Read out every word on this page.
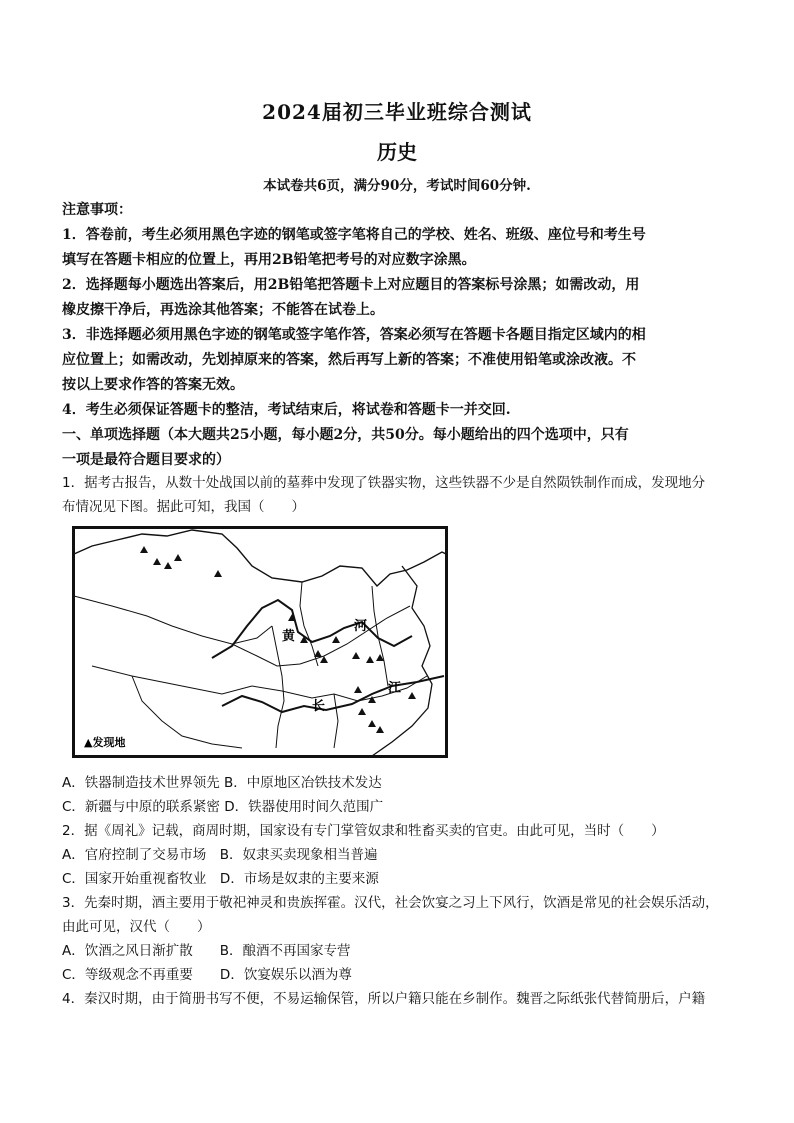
2024届初三毕业班综合测试
历史
本试卷共6页，满分90分，考试时间60分钟.
注意事项：
1．答卷前，考生必须用黑色字迹的钢笔或签字笔将自己的学校、姓名、班级、座位号和考生号
填写在答题卡相应的位置上，再用2B铅笔把考号的对应数字涂黑。
2．选择题每小题选出答案后，用2B铅笔把答题卡上对应题目的答案标号涂黑；如需改动，用
橡皮擦干净后，再选涂其他答案；不能答在试卷上。
3．非选择题必须用黑色字迹的钢笔或签字笔作答，答案必须写在答题卡各题目指定区域内的相
应位置上；如需改动，先划掉原来的答案，然后再写上新的答案；不准使用铅笔或涂改液。不
按以上要求作答的答案无效。
4．考生必须保证答题卡的整洁，考试结束后，将试卷和答题卡一并交回.
一、单项选择题（本大题共25小题，每小题2分，共50分。每小题给出的四个选项中，只有
一项是最符合题目要求的）
1．据考古报告，从数十处战国以前的墓葬中发现了铁器实物，这些铁器不少是自然陨铁制作而成，发现地分
布情况见下图。据此可知，我国（　　）
黄
河
长
江
▲发现地
A．铁器制造技术世界领先 B．中原地区冶铁技术发达
C．新疆与中原的联系紧密 D．铁器使用时间久范围广
2．据《周礼》记载，商周时期，国家设有专门掌管奴隶和牲畜买卖的官吏。由此可见，当时（　　）
A．官府控制了交易市场　B．奴隶买卖现象相当普遍
C．国家开始重视畜牧业　D．市场是奴隶的主要来源
3．先秦时期，酒主要用于敬祀神灵和贵族挥霍。汉代，社会饮宴之习上下风行，饮酒是常见的社会娱乐活动，
由此可见，汉代（　　）
A．饮酒之风日渐扩散　　B．酿酒不再国家专营
C．等级观念不再重要　　D．饮宴娱乐以酒为尊
4．秦汉时期，由于简册书写不便，不易运输保管，所以户籍只能在乡制作。魏晋之际纸张代替简册后，户籍
